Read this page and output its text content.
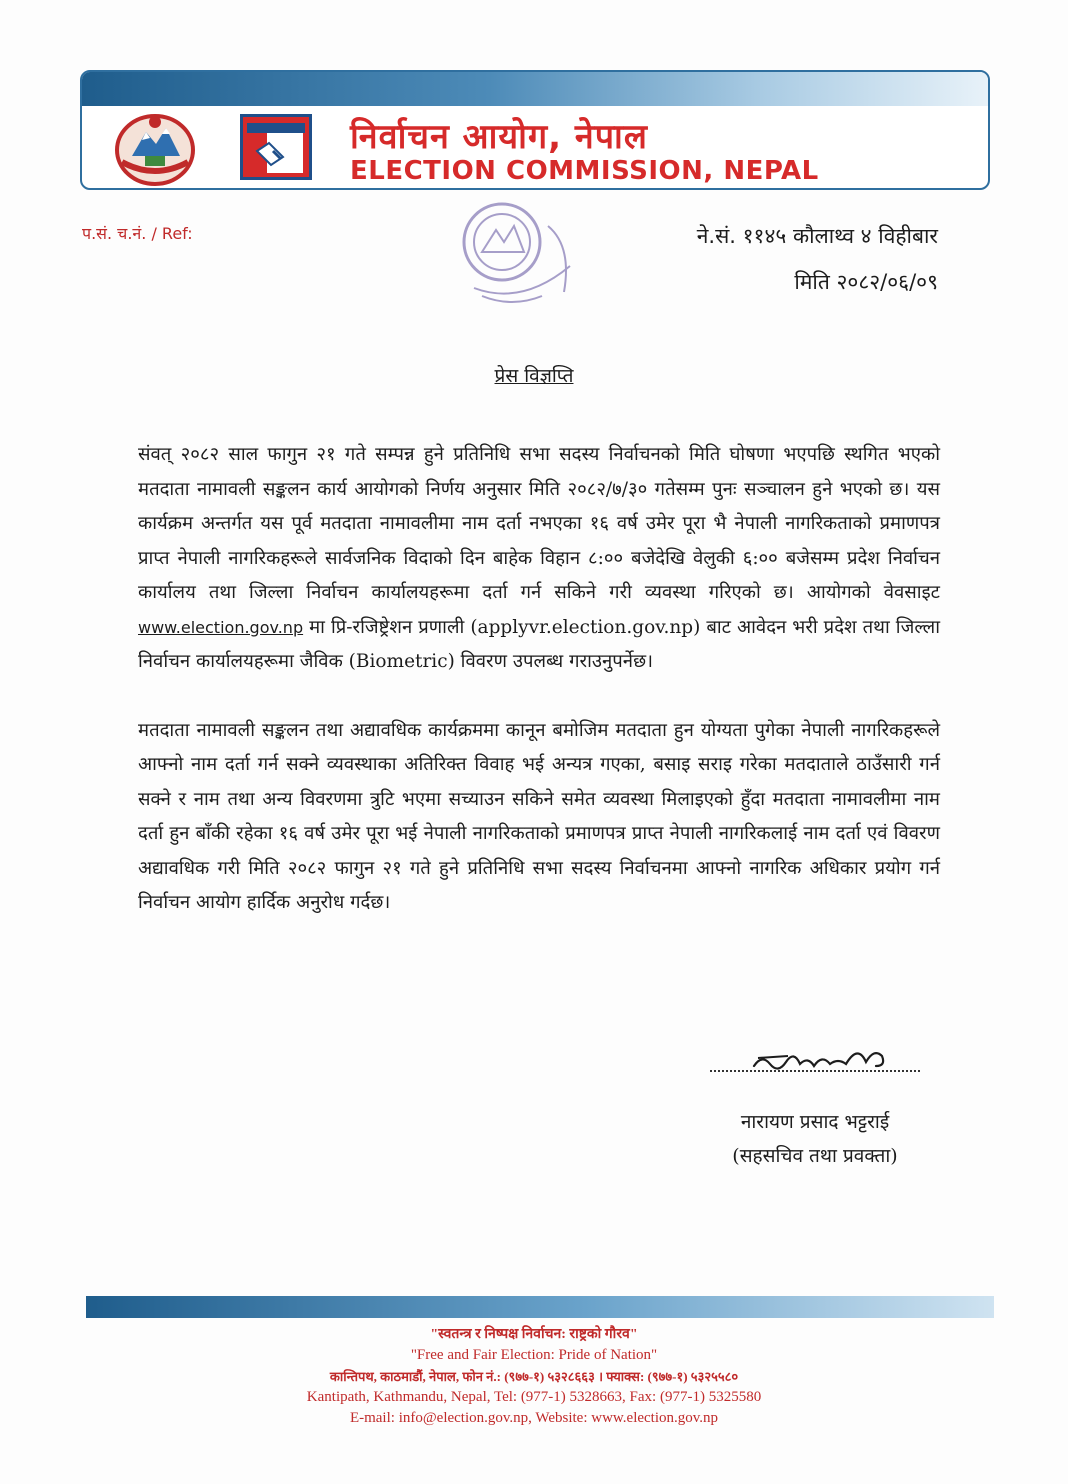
निर्वाचन आयोग, नेपाल
ELECTION COMMISSION, NEPAL
प.सं. च.नं. / Ref:	ने.सं. ११४५ कौलाथ्व ४ विहीबार
मिति २०८२/०६/०९
प्रेस विज्ञप्ति

संवत् २०८२ साल फागुन २१ गते सम्पन्न हुने प्रतिनिधि सभा सदस्य निर्वाचनको मिति घोषणा भएपछि स्थगित भएको मतदाता नामावली सङ्कलन कार्य आयोगको निर्णय अनुसार मिति २०८२/७/३० गतेसम्म पुनः सञ्चालन हुने भएको छ। यस कार्यक्रम अन्तर्गत यस पूर्व मतदाता नामावलीमा नाम दर्ता नभएका १६ वर्ष उमेर पूरा भै नेपाली नागरिकताको प्रमाणपत्र प्राप्त नेपाली नागरिकहरूले सार्वजनिक विदाको दिन बाहेक विहान ८:०० बजेदेखि वेलुकी ६:०० बजेसम्म प्रदेश निर्वाचन कार्यालय तथा जिल्ला निर्वाचन कार्यालयहरूमा दर्ता गर्न सकिने गरी व्यवस्था गरिएको छ। आयोगको वेवसाइट www.election.gov.np मा प्रि-रजिष्ट्रेशन प्रणाली (applyvr.election.gov.np) बाट आवेदन भरी प्रदेश तथा जिल्ला निर्वाचन कार्यालयहरूमा जैविक (Biometric) विवरण उपलब्ध गराउनुपर्नेछ।

मतदाता नामावली सङ्कलन तथा अद्यावधिक कार्यक्रममा कानून बमोजिम मतदाता हुन योग्यता पुगेका नेपाली नागरिकहरूले आफ्नो नाम दर्ता गर्न सक्ने व्यवस्थाका अतिरिक्त विवाह भई अन्यत्र गएका, बसाइ सराइ गरेका मतदाताले ठाउँसारी गर्न सक्ने र नाम तथा अन्य विवरणमा त्रुटि भएमा सच्याउन सकिने समेत व्यवस्था मिलाइएको हुँदा मतदाता नामावलीमा नाम दर्ता हुन बाँकी रहेका १६ वर्ष उमेर पूरा भई नेपाली नागरिकताको प्रमाणपत्र प्राप्त नेपाली नागरिकलाई नाम दर्ता एवं विवरण अद्यावधिक गरी मिति २०८२ फागुन २१ गते हुने प्रतिनिधि सभा सदस्य निर्वाचनमा आफ्नो नागरिक अधिकार प्रयोग गर्न निर्वाचन आयोग हार्दिक अनुरोध गर्दछ।

नारायण प्रसाद भट्टराई
(सहसचिव तथा प्रवक्ता)
"स्वतन्त्र र निष्पक्ष निर्वाचन: राष्ट्रको गौरव"
"Free and Fair Election: Pride of Nation"
कान्तिपथ, काठमाडौं, नेपाल, फोन नं.: (९७७-१) ५३२८६६३ । फ्याक्स: (९७७-१) ५३२५५८०
Kantipath, Kathmandu, Nepal, Tel: (977-1) 5328663, Fax: (977-1) 5325580
E-mail: info@election.gov.np, Website: www.election.gov.np
